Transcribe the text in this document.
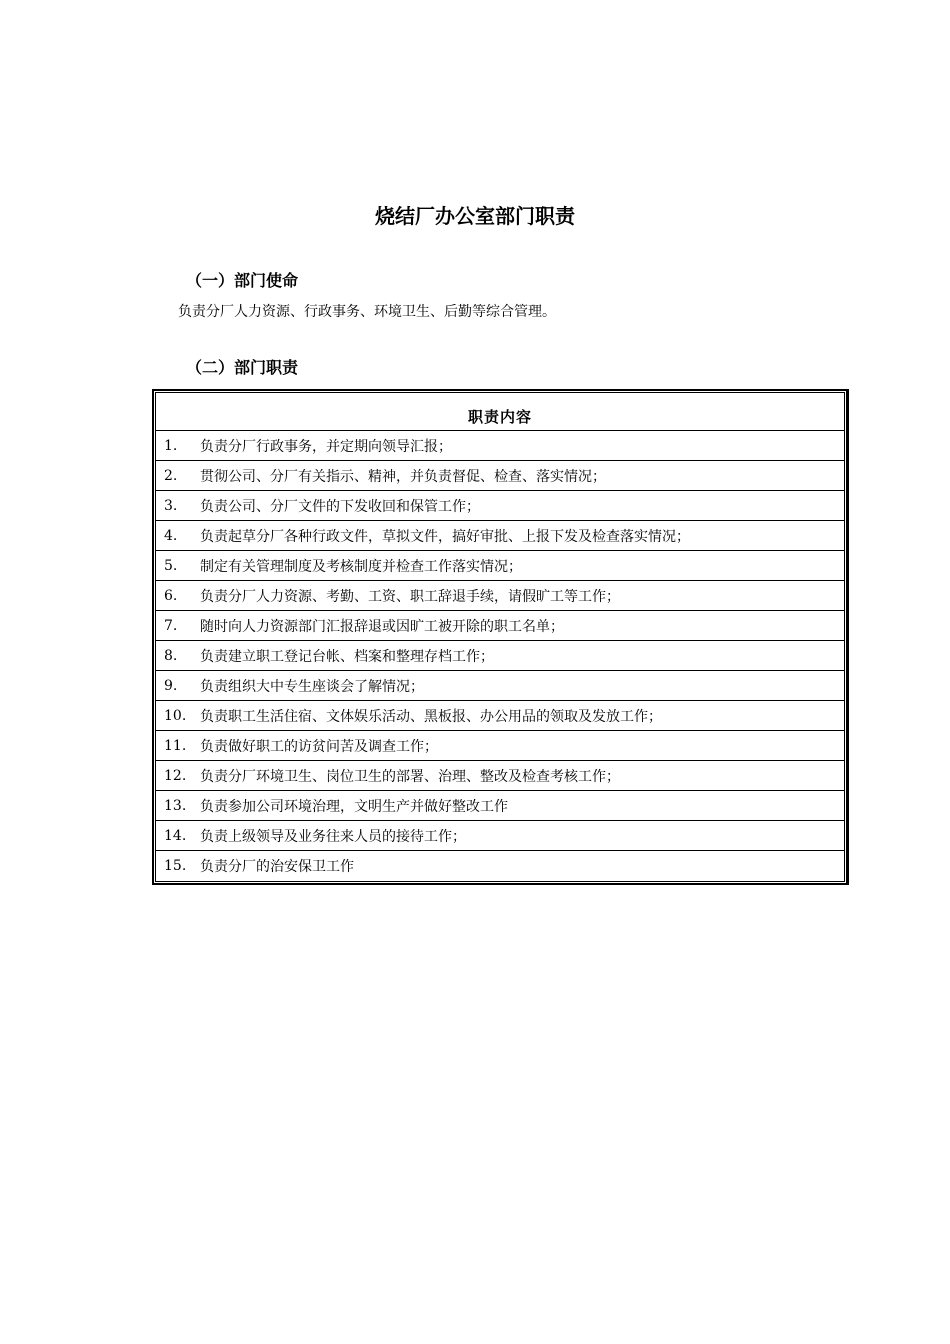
烧结厂办公室部门职责
（一）部门使命

负责分厂人力资源、行政事务、环境卫生、后勤等综合管理。

（二）部门职责
职责内容
1.	负责分厂行政事务，并定期向领导汇报；
2.	贯彻公司、分厂有关指示、精神，并负责督促、检查、落实情况；
3.	负责公司、分厂文件的下发收回和保管工作；
4.	负责起草分厂各种行政文件，草拟文件，搞好审批、上报下发及检查落实情况；
5.	制定有关管理制度及考核制度并检查工作落实情况；
6.	负责分厂人力资源、考勤、工资、职工辞退手续，请假旷工等工作；
7.	随时向人力资源部门汇报辞退或因旷工被开除的职工名单；
8.	负责建立职工登记台帐、档案和整理存档工作；
9.	负责组织大中专生座谈会了解情况；
10. 负责职工生活住宿、文体娱乐活动、黑板报、办公用品的领取及发放工作；
11. 负责做好职工的访贫问苦及调查工作；
12. 负责分厂环境卫生、岗位卫生的部署、治理、整改及检查考核工作；
13. 负责参加公司环境治理，文明生产并做好整改工作
14. 负责上级领导及业务往来人员的接待工作；
15. 负责分厂的治安保卫工作
